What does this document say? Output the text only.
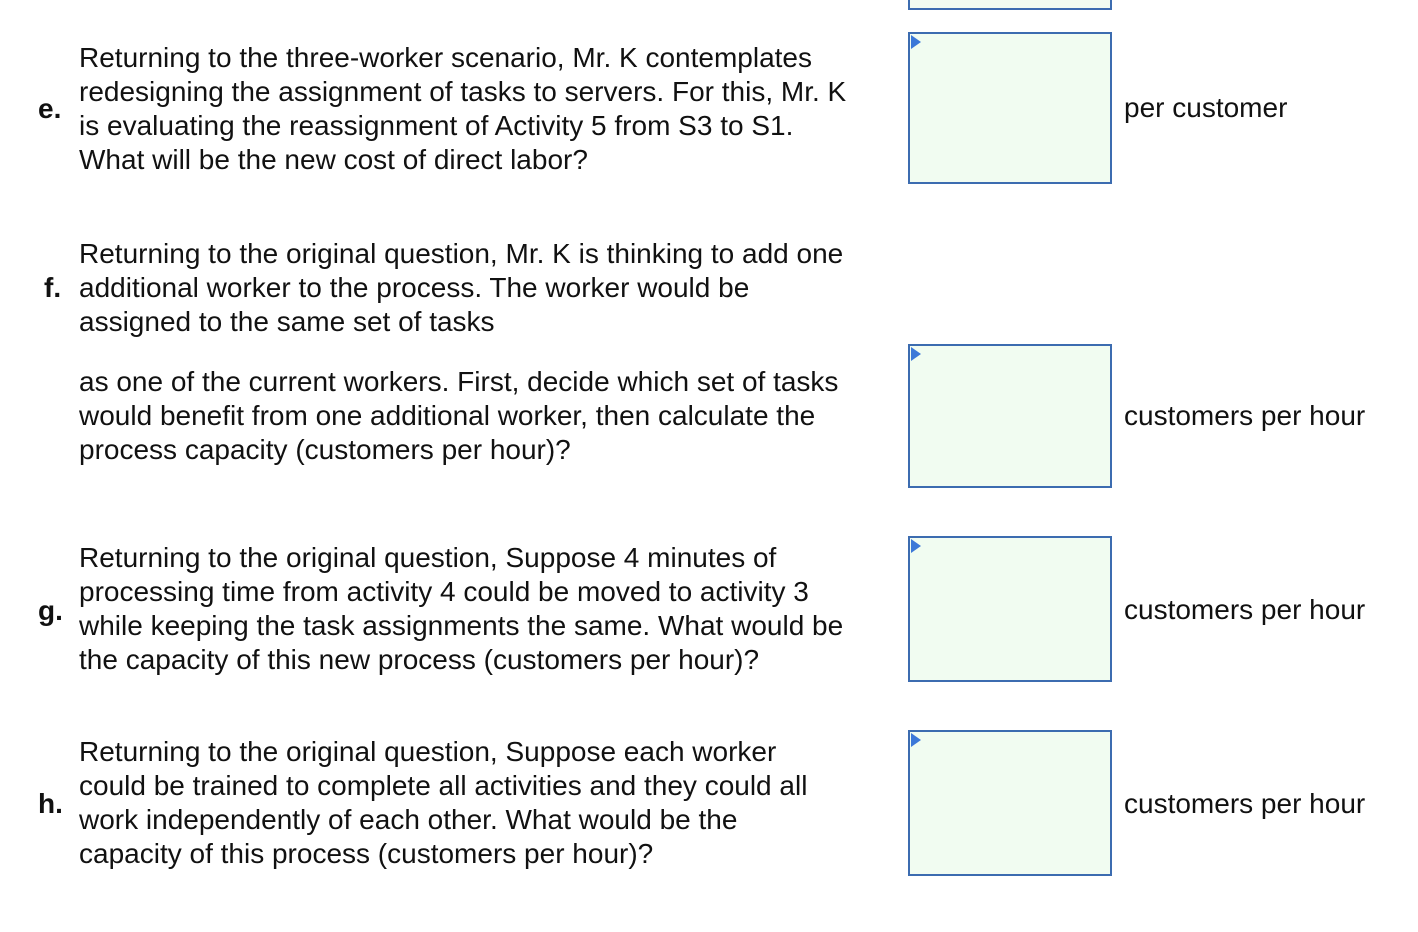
e.

Returning to the three-worker scenario, Mr. K contemplates
redesigning the assignment of tasks to servers. For this, Mr. K
is evaluating the reassignment of Activity 5 from S3 to S1.
What will be the new cost of direct labor?

per customer
f.

Returning to the original question, Mr. K is thinking to add one
additional worker to the process. The worker would be
assigned to the same set of tasks

as one of the current workers. First, decide which set of tasks
would benefit from one additional worker, then calculate the
process capacity (customers per hour)?

customers per hour
g.

Returning to the original question, Suppose 4 minutes of
processing time from activity 4 could be moved to activity 3
while keeping the task assignments the same. What would be
the capacity of this new process (customers per hour)?

customers per hour
h.

Returning to the original question, Suppose each worker
could be trained to complete all activities and they could all
work independently of each other. What would be the
capacity of this process (customers per hour)?

customers per hour
